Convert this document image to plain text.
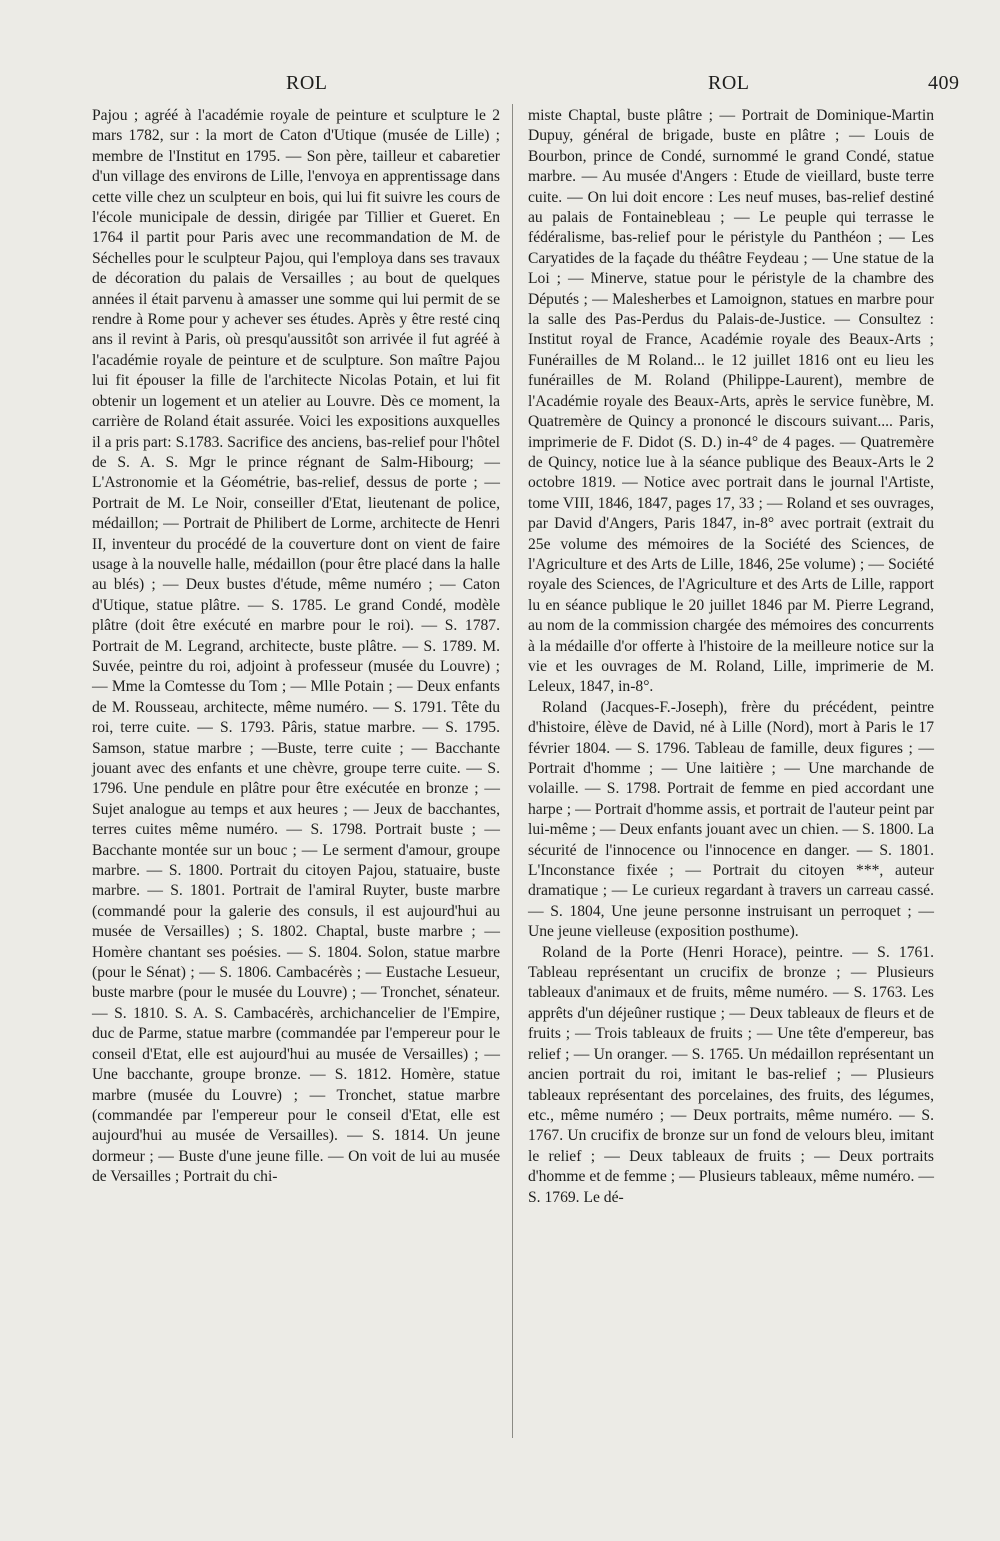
ROL	ROL	409

Pajou ; agréé à l'académie royale de peinture et sculpture le 2 mars 1782, sur : la mort de Caton d'Utique (musée de Lille) ; membre de l'Institut en 1795. — Son père, tailleur et cabaretier d'un village des environs de Lille, l'envoya en apprentissage dans cette ville chez un sculpteur en bois, qui lui fit suivre les cours de l'école municipale de dessin, dirigée par Tillier et Gueret. En 1764 il partit pour Paris avec une recommandation de M. de Séchelles pour le sculpteur Pajou, qui l'employa dans ses travaux de décoration du palais de Versailles ; au bout de quelques années il était parvenu à amasser une somme qui lui permit de se rendre à Rome pour y achever ses études. Après y être resté cinq ans il revint à Paris, où presqu'aussitôt son arrivée il fut agréé à l'académie royale de peinture et de sculpture. Son maître Pajou lui fit épouser la fille de l'architecte Nicolas Potain, et lui fit obtenir un logement et un atelier au Louvre. Dès ce moment, la carrière de Roland était assurée. Voici les expositions auxquelles il a pris part: S.1783. Sacrifice des anciens, bas-relief pour l'hôtel de S. A. S. Mgr le prince régnant de Salm-Hibourg; — L'Astronomie et la Géométrie, bas-relief, dessus de porte ; — Portrait de M. Le Noir, conseiller d'Etat, lieutenant de police, médaillon; — Portrait de Philibert de Lorme, architecte de Henri II, inventeur du procédé de la couverture dont on vient de faire usage à la nouvelle halle, médaillon (pour être placé dans la halle au blés) ; — Deux bustes d'étude, même numéro ; — Caton d'Utique, statue plâtre. — S. 1785. Le grand Condé, modèle plâtre (doit être exécuté en marbre pour le roi). — S. 1787. Portrait de M. Legrand, architecte, buste plâtre. — S. 1789. M. Suvée, peintre du roi, adjoint à professeur (musée du Louvre) ; — Mme la Comtesse du Tom ; — Mlle Potain ; — Deux enfants de M. Rousseau, architecte, même numéro. — S. 1791. Tête du roi, terre cuite. — S. 1793. Pâris, statue marbre. — S. 1795. Samson, statue marbre ; —Buste, terre cuite ; — Bacchante jouant avec des enfants et une chèvre, groupe terre cuite. — S. 1796. Une pendule en plâtre pour être exécutée en bronze ; — Sujet analogue au temps et aux heures ; — Jeux de bacchantes, terres cuites même numéro. — S. 1798. Portrait buste ; — Bacchante montée sur un bouc ; — Le serment d'amour, groupe marbre. — S. 1800. Portrait du citoyen Pajou, statuaire, buste marbre. — S. 1801. Portrait de l'amiral Ruyter, buste marbre (commandé pour la galerie des consuls, il est aujourd'hui au musée de Versailles) ; S. 1802. Chaptal, buste marbre ; — Homère chantant ses poésies. — S. 1804. Solon, statue marbre (pour le Sénat) ; — S. 1806. Cambacérès ; — Eustache Lesueur, buste marbre (pour le musée du Louvre) ; — Tronchet, sénateur. — S. 1810. S. A. S. Cambacérès, archichancelier de l'Empire, duc de Parme, statue marbre (commandée par l'empereur pour le conseil d'Etat, elle est aujourd'hui au musée de Versailles) ; — Une bacchante, groupe bronze. — S. 1812. Homère, statue marbre (musée du Louvre) ; — Tronchet, statue marbre (commandée par l'empereur pour le conseil d'Etat, elle est aujourd'hui au musée de Versailles). — S. 1814. Un jeune dormeur ; — Buste d'une jeune fille. — On voit de lui au musée de Versailles ; Portrait du chi-

miste Chaptal, buste plâtre ; — Portrait de Dominique-Martin Dupuy, général de brigade, buste en plâtre ; — Louis de Bourbon, prince de Condé, surnommé le grand Condé, statue marbre. — Au musée d'Angers : Etude de vieillard, buste terre cuite. — On lui doit encore : Les neuf muses, bas-relief destiné au palais de Fontainebleau ; — Le peuple qui terrasse le fédéralisme, bas-relief pour le péristyle du Panthéon ; — Les Caryatides de la façade du théâtre Feydeau ; — Une statue de la Loi ; — Minerve, statue pour le péristyle de la chambre des Députés ; — Malesherbes et Lamoignon, statues en marbre pour la salle des Pas-Perdus du Palais-de-Justice. — Consultez : Institut royal de France, Académie royale des Beaux-Arts ; Funérailles de M Roland... le 12 juillet 1816 ont eu lieu les funérailles de M. Roland (Philippe-Laurent), membre de l'Académie royale des Beaux-Arts, après le service funèbre, M. Quatremère de Quincy a prononcé le discours suivant.... Paris, imprimerie de F. Didot (S. D.) in-4° de 4 pages. — Quatremère de Quincy, notice lue à la séance publique des Beaux-Arts le 2 octobre 1819. — Notice avec portrait dans le journal l'Artiste, tome VIII, 1846, 1847, pages 17, 33 ; — Roland et ses ouvrages, par David d'Angers, Paris 1847, in-8° avec portrait (extrait du 25e volume des mémoires de la Société des Sciences, de l'Agriculture et des Arts de Lille, 1846, 25e volume) ; — Société royale des Sciences, de l'Agriculture et des Arts de Lille, rapport lu en séance publique le 20 juillet 1846 par M. Pierre Legrand, au nom de la commission chargée des mémoires des concurrents à la médaille d'or offerte à l'histoire de la meilleure notice sur la vie et les ouvrages de M. Roland, Lille, imprimerie de M. Leleux, 1847, in-8°.

Roland (Jacques-F.-Joseph), frère du précédent, peintre d'histoire, élève de David, né à Lille (Nord), mort à Paris le 17 février 1804. — S. 1796. Tableau de famille, deux figures ; — Portrait d'homme ; — Une laitière ; — Une marchande de volaille. — S. 1798. Portrait de femme en pied accordant une harpe ; — Portrait d'homme assis, et portrait de l'auteur peint par lui-même ; — Deux enfants jouant avec un chien. — S. 1800. La sécurité de l'innocence ou l'innocence en danger. — S. 1801. L'Inconstance fixée ; — Portrait du citoyen ***, auteur dramatique ; — Le curieux regardant à travers un carreau cassé. — S. 1804, Une jeune personne instruisant un perroquet ; — Une jeune vielleuse (exposition posthume).

Roland de la Porte (Henri Horace), peintre. — S. 1761. Tableau représentant un crucifix de bronze ; — Plusieurs tableaux d'animaux et de fruits, même numéro. — S. 1763. Les apprêts d'un déjeûner rustique ; — Deux tableaux de fleurs et de fruits ; — Trois tableaux de fruits ; — Une tête d'empereur, bas relief ; — Un oranger. — S. 1765. Un médaillon représentant un ancien portrait du roi, imitant le bas-relief ; — Plusieurs tableaux représentant des porcelaines, des fruits, des légumes, etc., même numéro ; — Deux portraits, même numéro. — S. 1767. Un crucifix de bronze sur un fond de velours bleu, imitant le relief ; — Deux tableaux de fruits ; — Deux portraits d'homme et de femme ; — Plusieurs tableaux, même numéro. — S. 1769. Le dé-
